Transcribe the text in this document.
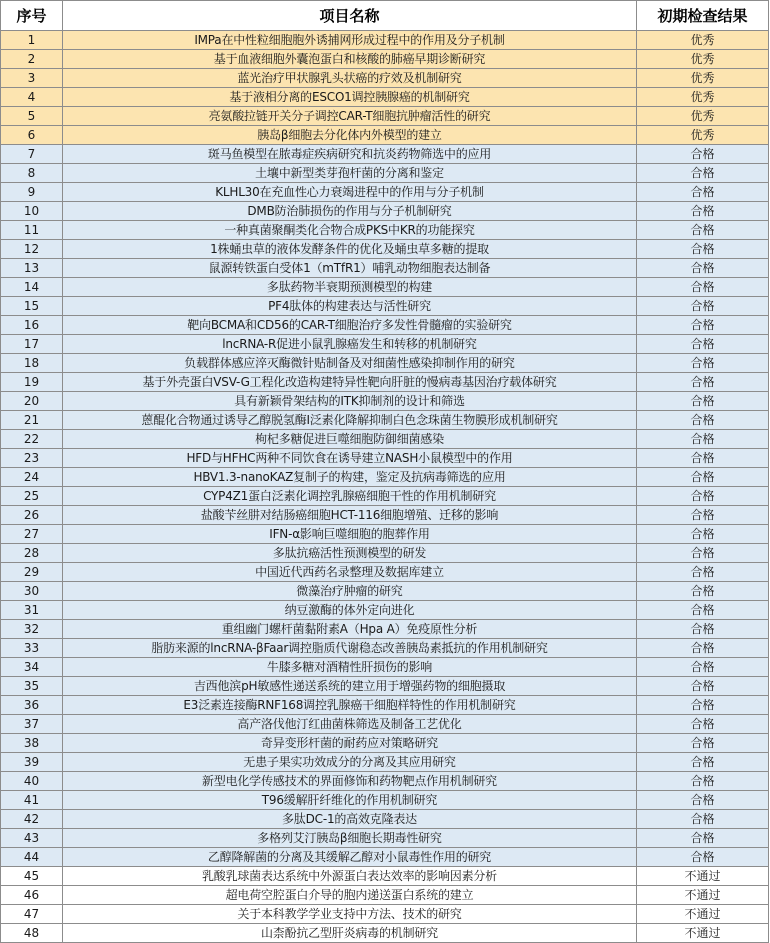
序号	项目名称	初期检查结果
1	IMPa在中性粒细胞胞外诱捕网形成过程中的作用及分子机制	优秀
2	基于血液细胞外囊泡蛋白和核酸的肺癌早期诊断研究	优秀
3	蓝光治疗甲状腺乳头状癌的疗效及机制研究	优秀
4	基于液相分离的ESCO1调控胰腺癌的机制研究	优秀
5	亮氨酸拉链开关分子调控CAR-T细胞抗肿瘤活性的研究	优秀
6	胰岛β细胞去分化体内外模型的建立	优秀
7	斑马鱼模型在脓毒症疾病研究和抗炎药物筛选中的应用	合格
8	土壤中新型类芽孢杆菌的分离和鉴定	合格
9	KLHL30在充血性心力衰竭进程中的作用与分子机制	合格
10	DMB防治肺损伤的作用与分子机制研究	合格
11	一种真菌聚酮类化合物合成PKS中KR的功能探究	合格
12	1株蛹虫草的液体发酵条件的优化及蛹虫草多糖的提取	合格
13	鼠源转铁蛋白受体1（mTfR1）哺乳动物细胞表达制备	合格
14	多肽药物半衰期预测模型的构建	合格
15	PF4肽体的构建表达与活性研究	合格
16	靶向BCMA和CD56的CAR-T细胞治疗多发性骨髓瘤的实验研究	合格
17	lncRNA-R促进小鼠乳腺癌发生和转移的机制研究	合格
18	负载群体感应淬灭酶微针贴制备及对细菌性感染抑制作用的研究	合格
19	基于外壳蛋白VSV-G工程化改造构建特异性靶向肝脏的慢病毒基因治疗载体研究	合格
20	具有新颖骨架结构的ITK抑制剂的设计和筛选	合格
21	蒽醌化合物通过诱导乙醇脱氢酶I泛素化降解抑制白色念珠菌生物膜形成机制研究	合格
22	枸杞多糖促进巨噬细胞防御细菌感染	合格
23	HFD与HFHC两种不同饮食在诱导建立NASH小鼠模型中的作用	合格
24	HBV1.3-nanoKAZ复制子的构建，鉴定及抗病毒筛选的应用	合格
25	CYP4Z1蛋白泛素化调控乳腺癌细胞干性的作用机制研究	合格
26	盐酸苄丝肼对结肠癌细胞HCT-116细胞增殖、迁移的影响	合格
27	IFN-α影响巨噬细胞的胞葬作用	合格
28	多肽抗癌活性预测模型的研发	合格
29	中国近代西药名录整理及数据库建立	合格
30	微藻治疗肿瘤的研究	合格
31	纳豆激酶的体外定向进化	合格
32	重组幽门螺杆菌黏附素A（Hpa A）免疫原性分析	合格
33	脂肪来源的lncRNA-βFaar调控脂质代谢稳态改善胰岛素抵抗的作用机制研究	合格
34	牛膝多糖对酒精性肝损伤的影响	合格
35	吉西他滨pH敏感性递送系统的建立用于增强药物的细胞摄取	合格
36	E3泛素连接酶RNF168调控乳腺癌干细胞样特性的作用机制研究	合格
37	高产洛伐他汀红曲菌株筛选及制备工艺优化	合格
38	奇异变形杆菌的耐药应对策略研究	合格
39	无患子果实功效成分的分离及其应用研究	合格
40	新型电化学传感技术的界面修饰和药物靶点作用机制研究	合格
41	T96缓解肝纤维化的作用机制研究	合格
42	多肽DC-1的高效克隆表达	合格
43	多格列艾汀胰岛β细胞长期毒性研究	合格
44	乙醇降解菌的分离及其缓解乙醇对小鼠毒性作用的研究	合格
45	乳酸乳球菌表达系统中外源蛋白表达效率的影响因素分析	不通过
46	超电荷空腔蛋白介导的胞内递送蛋白系统的建立	不通过
47	关于本科教学学业支持中方法、技术的研究	不通过
48	山柰酚抗乙型肝炎病毒的机制研究	不通过
